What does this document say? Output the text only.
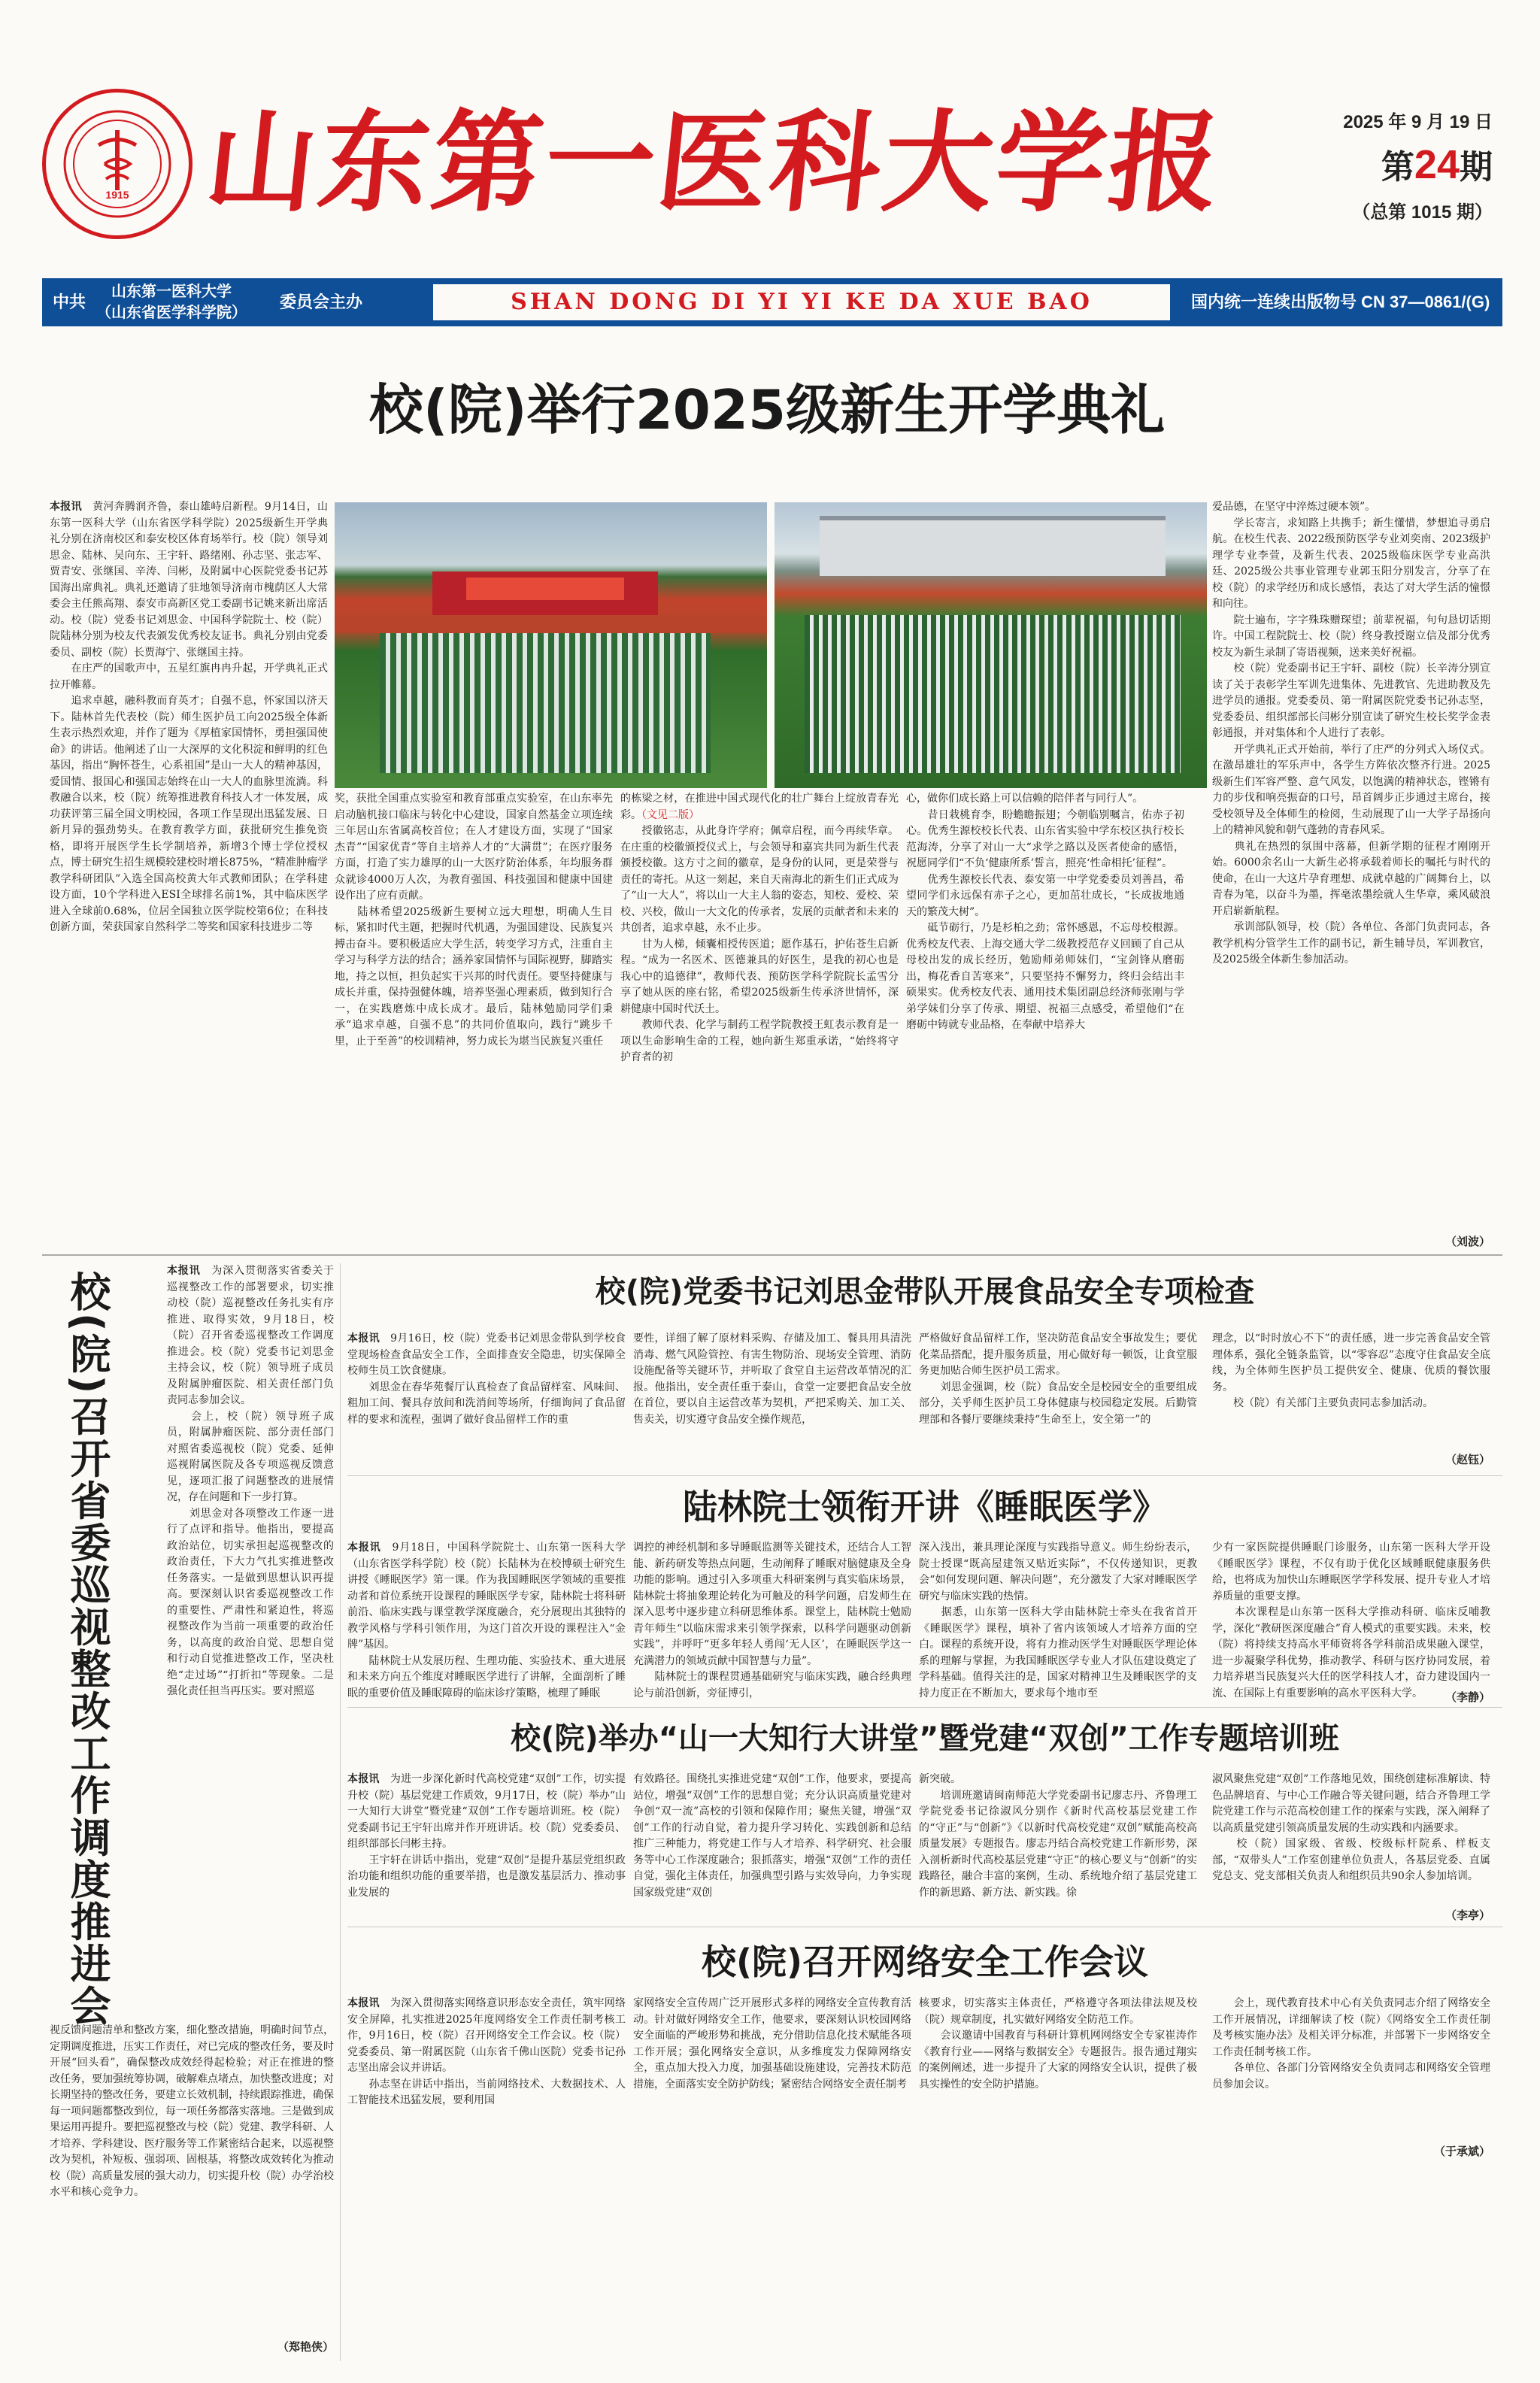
1915 山东第一医科大学报	2025 年 9 月 19 日
第24期
（总第 1015 期）
中共
山东第一医科大学
（山东省医学科学院）
委员会主办	SHAN DONG DI YI YI KE DA XUE BAO	国内统一连续出版物号 CN 37—0861/(G)
校(院)举行2025级新生开学典礼
本报讯　黄河奔腾润齐鲁，泰山雄峙启新程。9月14日，山东第一医科大学（山东省医学科学院）2025级新生开学典礼分别在济南校区和泰安校区体育场举行。校（院）领导刘思金、陆林、吴向东、王宇轩、路绪刚、孙志坚、张志军、贾青安、张继国、辛涛、闫彬，及附属中心医院党委书记苏国海出席典礼。典礼还邀请了驻地领导济南市槐荫区人大常委会主任熊高翔、泰安市高新区党工委副书记姚来新出席活动。校（院）党委书记刘思金、中国科学院院士、校（院）院陆林分别为校友代表颁发优秀校友证书。典礼分别由党委委员、副校（院）长贾海宁、张继国主持。
　　在庄严的国歌声中，五星红旗冉冉升起，开学典礼正式拉开帷幕。
　　追求卓越，融科教而育英才；自强不息，怀家国以济天下。陆林首先代表校（院）师生医护员工向2025级全体新生表示热烈欢迎，并作了题为《厚植家国情怀，勇担强国使命》的讲话。他阐述了山一大深厚的文化积淀和鲜明的红色基因，指出“胸怀苍生，心系祖国”是山一大人的精神基因，爱国情、报国心和强国志始终在山一大人的血脉里流淌。科教融合以来，校（院）统筹推进教育科技人才一体发展，成功获评第三届全国文明校园，各项工作呈现出迅猛发展、日新月异的强劲势头。在教育教学方面，获批研究生推免资格，即将开展医学生长学制培养，新增3个博士学位授权点，博士研究生招生规模较建校时增长875%，“精准肿瘤学教学科研团队”入选全国高校黄大年式教师团队；在学科建设方面，10个学科进入ESI全球排名前1%，其中临床医学进入全球前0.68%，位居全国独立医学院校第6位；在科技创新方面，荣获国家自然科学二等奖和国家科技进步二等
奖，获批全国重点实验室和教育部重点实验室，在山东率先启动脑机接口临床与转化中心建设，国家自然基金立项连续三年居山东省属高校首位；在人才建设方面，实现了“国家杰青”“国家优青”等自主培养人才的“大满贯”；在医疗服务方面，打造了实力雄厚的山一大医疗防治体系，年均服务群众就诊4000万人次，为教育强国、科技强国和健康中国建设作出了应有贡献。
　　陆林希望2025级新生要树立远大理想，明确人生目标，紧扣时代主题，把握时代机遇，为强国建设、民族复兴搏击奋斗。要积极适应大学生活，转变学习方式，注重自主学习与科学方法的结合；涵养家国情怀与国际视野，脚踏实地，持之以恒，担负起实干兴邦的时代责任。要坚持健康与成长并重，保持强健体魄，培养坚强心理素质，做到知行合一，在实践磨炼中成长成才。最后，陆林勉励同学们秉承“追求卓越，自强不息”的共同价值取向，践行“跳步千里，止于至善”的校训精神，努力成长为堪当民族复兴重任
的栋梁之材，在推进中国式现代化的壮广舞台上绽放青春光彩。（文见二版）
　　授徽铭志，从此身许学府；佩章启程，而今再续华章。在庄重的校徽颁授仪式上，与会领导和嘉宾共同为新生代表颁授校徽。这方寸之间的徽章，是身份的认同，更是荣誉与责任的寄托。从这一刻起，来自天南海北的新生们正式成为了“山一大人”，将以山一大主人翁的姿态，知校、爱校、荣校、兴校，做山一大文化的传承者，发展的贡献者和未来的共创者，追求卓越，永不止步。
　　甘为人梯，倾囊相授传医道；愿作基石，护佑苍生启新程。“成为一名医术、医德兼具的好医生，是我的初心也是我心中的追德律”，教师代表、预防医学科学院院长孟雪分享了她从医的座右铭，希望2025级新生传承济世情怀，深耕健康中国时代沃土。
　　教师代表、化学与制药工程学院教授王虹表示教育是一项以生命影响生命的工程，她向新生郑重承诺，“始终将守护育者的初
心，做你们成长路上可以信赖的陪伴者与同行人”。
　　昔日栽桃育李，盼蟾瞻振翅；今朝临别嘱言，佑赤子初心。优秀生源校校长代表、山东省实验中学东校区执行校长范海涛，分享了对山一大“求学之路以及医者使命的感悟，祝愿同学们“不负‘健康所系’誓言，照亮‘性命相托’征程”。
　　优秀生源校长代表、泰安第一中学党委委员刘善昌，希望同学们永远保有赤子之心，更加茁壮成长，“长成拔地通天的繁茂大树”。
　　砥节砺行，乃是杉柏之劲；常怀感恩，不忘母校根源。优秀校友代表、上海交通大学二级教授范存义回顾了自己从母校出发的成长经历，勉励师弟师妹们，“宝剑锋从磨砺出，梅花香自苦寒来”，只要坚持不懈努力，终归会结出丰硕果实。优秀校友代表、通用技术集团副总经济师张刚与学弟学妹们分享了传承、期望、祝福三点感受，希望他们“在磨砺中铸就专业品格，在奉献中培养大
爱品德，在坚守中淬炼过硬本领”。
　　学长寄言，求知路上共携手；新生懂惜，梦想追寻勇启航。在校生代表、2022级预防医学专业刘奕南、2023级护理学专业李萱，及新生代表、2025级临床医学专业高洪廷、2025级公共事业管理专业郭玉阳分别发言，分享了在校（院）的求学经历和成长感悟，表达了对大学生活的憧憬和向往。
　　院士遍布，字字殊珠赠琛望；前辈祝福，句句恳切话期许。中国工程院院士、校（院）终身教授谢立信及部分优秀校友为新生录制了寄语视频，送来美好祝福。
　　校（院）党委副书记王宇轩、副校（院）长辛涛分别宣读了关于表彰学生军训先进集体、先进教官、先进助教及先进学员的通报。党委委员、第一附属医院党委书记孙志坚，党委委员、组织部部长闫彬分别宣读了研究生校长奖学金表彰通报，并对集体和个人进行了表彰。
　　开学典礼正式开始前，举行了庄严的分列式入场仪式。在激昂雄壮的军乐声中，各学生方阵依次整齐行进。2025级新生们军容严整、意气风发，以饱满的精神状态，铿锵有力的步伐和响亮振奋的口号，昂首阔步正步通过主席台，接受校领导及全体师生的检阅，生动展现了山一大学子昂扬向上的精神风貌和朝气蓬勃的青春风采。
　　典礼在热烈的氛围中落幕，但新学期的征程才刚刚开始。6000余名山一大新生必将承载着师长的嘱托与时代的使命，在山一大这片孕育理想、成就卓越的广阔舞台上，以青春为笔，以奋斗为墨，挥毫浓墨绘就人生华章，乘风破浪开启崭新航程。
　　承训部队领导，校（院）各单位、各部门负责同志，各教学机构分管学生工作的副书记，新生辅导员，军训教官，及2025级全体新生参加活动。
（刘波）
校(院)召开省委巡视整改工作调度推进会	本报讯　为深入贯彻落实省委关于巡视整改工作的部署要求，切实推动校（院）巡视整改任务扎实有序推进、取得实效，9月18日，校（院）召开省委巡视整改工作调度推进会。校（院）党委书记刘思金主持会议，校（院）领导班子成员及附属肿瘤医院、相关责任部门负责同志参加会议。
　　会上，校（院）领导班子成员，附属肿瘤医院、部分责任部门对照省委巡视校（院）党委、延伸巡视附属医院及各专项巡视反馈意见，逐项汇报了问题整改的进展情况，存在问题和下一步打算。
　　刘思金对各项整改工作逐一进行了点评和指导。他指出，要提高政治站位，切实承担起巡视整改的政治责任，下大力气扎实推进整改任务落实。一是做到思想认识再提高。要深刻认识省委巡视整改工作的重要性、严肃性和紧迫性，将巡视整改作为当前一项重要的政治任务，以高度的政治自觉、思想自觉和行动自觉推进整改工作，坚决杜绝“走过场”“打折扣”等现象。二是强化责任担当再压实。要对照巡
视反馈问题清单和整改方案，细化整改措施，明确时间节点，定期调度推进，压实工作责任，对已完成的整改任务，要及时开展“回头看”，确保整改成效经得起检验；对正在推进的整改任务，要加强统筹协调，破解难点堵点，加快整改进度；对长期坚持的整改任务，要建立长效机制，持续跟踪推进，确保每一项问题都整改到位，每一项任务都落实落地。三是做到成果运用再提升。要把巡视整改与校（院）党建、教学科研、人才培养、学科建设、医疗服务等工作紧密结合起来，以巡视整改为契机，补短板、强弱项、固根基，将整改成效转化为推动校（院）高质量发展的强大动力，切实提升校（院）办学治校水平和核心竞争力。
（郑艳侠）
校(院)党委书记刘思金带队开展食品安全专项检查
本报讯　9月16日，校（院）党委书记刘思金带队到学校食堂现场检查食品安全工作，全面排查安全隐患，切实保障全校师生员工饮食健康。
　　刘思金在春华苑餐厅认真检查了食品留样室、风味间、粗加工间、餐具存放间和洗消间等场所，仔细询问了食品留样的要求和流程，强调了做好食品留样工作的重
要性，详细了解了原材料采购、存储及加工、餐具用具清洗消毒、燃气风险管控、有害生物防治、现场安全管理、消防设施配备等关键环节，并听取了食堂自主运营改革情况的汇报。他指出，安全责任重于泰山，食堂一定要把食品安全放在首位，要以自主运营改革为契机，严把采购关、加工关、售卖关，切实遵守食品安全操作规范，
严格做好食品留样工作，坚决防范食品安全事故发生；要优化菜品搭配，提升服务质量，用心做好每一顿饭，让食堂服务更加贴合师生医护员工需求。
　　刘思金强调，校（院）食品安全是校园安全的重要组成部分，关乎师生医护员工身体健康与校园稳定发展。后勤管理部和各餐厅要继续秉持“生命至上，安全第一”的
理念，以“时时放心不下”的责任感，进一步完善食品安全管理体系，强化全链条监管，以“零容忍”态度守住食品安全底线，为全体师生医护员工提供安全、健康、优质的餐饮服务。
　　校（院）有关部门主要负责同志参加活动。
（赵钰）
陆林院士领衔开讲《睡眠医学》
本报讯　9月18日，中国科学院院士、山东第一医科大学（山东省医学科学院）校（院）长陆林为在校博硕士研究生讲授《睡眠医学》第一课。作为我国睡眠医学领域的重要推动者和首位系统开设课程的睡眠医学专家，陆林院士将科研前沿、临床实践与课堂教学深度融合，充分展现出其独特的教学风格与学科引领作用，为这门首次开设的课程注入“金牌”基因。
　　陆林院士从发展历程、生理功能、实验技术、重大进展和未来方向五个维度对睡眠医学进行了讲解，全面剖析了睡眠的重要价值及睡眠障碍的临床诊疗策略，梳理了睡眠
调控的神经机制和多导睡眠监测等关键技术，还结合人工智能、新药研发等热点问题，生动阐释了睡眠对脑健康及全身功能的影响。通过引入多项重大科研案例与真实临床场景，陆林院士将抽象理论转化为可触及的科学问题，启发师生在深入思考中逐步建立科研思维体系。课堂上，陆林院士勉励青年师生“以临床需求来引领学探索，以科学问题驱动创新实践”，并呼吁“更多年轻人勇闯‘无人区’，在睡眠医学这一充满潜力的领域贡献中国智慧与力量”。
　　陆林院士的课程贯通基础研究与临床实践，融合经典理论与前沿创新，旁征博引，
深入浅出，兼具理论深度与实践指导意义。师生纷纷表示，院士授课“既高屋建瓴又贴近实际”，不仅传递知识，更教会“如何发现问题、解决问题”，充分激发了大家对睡眠医学研究与临床实践的热情。
　　据悉，山东第一医科大学由陆林院士牵头在我省首开《睡眠医学》课程，填补了省内该领域人才培养方面的空白。课程的系统开设，将有力推动医学生对睡眠医学理论体系的理解与掌握，为我国睡眠医学专业人才队伍建设奠定了学科基础。值得关注的是，国家对精神卫生及睡眠医学的支持力度正在不断加大，要求每个地市至
少有一家医院提供睡眠门诊服务，山东第一医科大学开设《睡眠医学》课程，不仅有助于优化区域睡眠健康服务供给，也将成为加快山东睡眠医学学科发展、提升专业人才培养质量的重要支撑。
　　本次课程是山东第一医科大学推动科研、临床反哺教学，深化“教研医深度融合”育人模式的重要实践。未来，校（院）将持续支持高水平师资将各学科前沿成果融入课堂，进一步凝聚学科优势，推动教学、科研与医疗协同发展，着力培养堪当民族复兴大任的医学科技人才，奋力建设国内一流、在国际上有重要影响的高水平医科大学。	（李静）
校(院)举办“山一大知行大讲堂”暨党建“双创”工作专题培训班
本报讯　为进一步深化新时代高校党建“双创”工作，切实提升校（院）基层党建工作质效，9月17日，校（院）举办“山一大知行大讲堂”暨党建“双创”工作专题培训班。校（院）党委副书记王宇轩出席并作开班讲话。校（院）党委委员、组织部部长闫彬主持。
　　王宇轩在讲话中指出，党建“双创”是提升基层党组织政治功能和组织功能的重要举措，也是激发基层活力、推动事业发展的
有效路径。围绕扎实推进党建“双创”工作，他要求，要提高站位，增强“双创”工作的思想自觉；充分认识高质量党建对争创“双一流”高校的引领和保障作用；聚焦关键，增强“双创”工作的行动自觉，着力提升学习转化、实践创新和总结推广三种能力，将党建工作与人才培养、科学研究、社会服务等中心工作深度融合；狠抓落实，增强“双创”工作的责任自觉，强化主体责任，加强典型引路与实效导向，力争实现国家级党建“双创
新突破。
　　培训班邀请闽南师范大学党委副书记廖志丹、齐鲁理工学院党委书记徐淑风分别作《新时代高校基层党建工作的“守正”与“创新”》《以新时代高校党建“双创”赋能高校高质量发展》专题报告。廖志丹结合高校党建工作新形势，深入剖析新时代高校基层党建“守正”的核心要义与“创新”的实践路径，融合丰富的案例，生动、系统地介绍了基层党建工作的新思路、新方法、新实践。徐
淑风聚焦党建“双创”工作落地见效，围绕创建标准解读、特色品牌培育、与中心工作融合等关键问题，结合齐鲁理工学院党建工作与示范高校创建工作的探索与实践，深入阐释了以高质量党建引领高质量发展的生动实践和内涵要求。
　　校（院）国家级、省级、校级标杆院系、样板支部，“双带头人”工作室创建单位负责人，各基层党委、直属党总支、党支部相关负责人和组织员共90余人参加培训。
（李亭）
校(院)召开网络安全工作会议
本报讯　为深入贯彻落实网络意识形态安全责任，筑牢网络安全屏障，扎实推进2025年度网络安全工作责任制考核工作，9月16日，校（院）召开网络安全工作会议。校（院）党委委员、第一附属医院（山东省千佛山医院）党委书记孙志坚出席会议并讲话。
　　孙志坚在讲话中指出，当前网络技术、大数据技术、人工智能技术迅猛发展，要利用国
家网络安全宣传周广泛开展形式多样的网络安全宣传教育活动。针对做好网络安全工作，他要求，要深刻认识校园网络安全面临的严峻形势和挑战，充分借助信息化技术赋能各项工作开展；强化网络安全意识，从多维度发力保障网络安全，重点加大投入力度，加强基础设施建设，完善技术防范措施，全面落实安全防护防线；紧密结合网络安全责任制考
核要求，切实落实主体责任，严格遵守各项法律法规及校（院）规章制度，扎实做好网络安全防范工作。
　　会议邀请中国教育与科研计算机网网络安全专家崔涛作《教育行业——网络与数据安全》专题报告。报告通过翔实的案例阐述，进一步提升了大家的网络安全认识，提供了极具实操性的安全防护措施。
　　会上，现代教育技术中心有关负责同志介绍了网络安全工作开展情况，详细解读了校（院）《网络安全工作责任制及考核实施办法》及相关评分标准，并部署下一步网络安全工作责任制考核工作。
　　各单位、各部门分管网络安全负责同志和网络安全管理员参加会议。
（于承斌）
